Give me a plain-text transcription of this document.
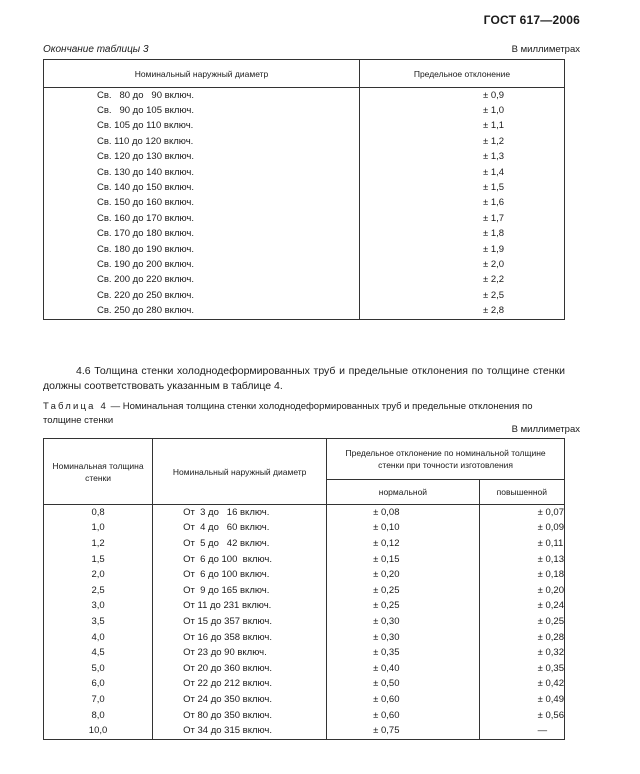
ГОСТ 617—2006
Окончание таблицы 3	В миллиметрах
Номинальный наружный диаметр	Предельное отклонение
Св.   80 до   90 включ.	± 0,9
Св.   90 до 105 включ.	± 1,0
Св. 105 до 110 включ.	± 1,1
Св. 110 до 120 включ.	± 1,2
Св. 120 до 130 включ.	± 1,3
Св. 130 до 140 включ.	± 1,4
Св. 140 до 150 включ.	± 1,5
Св. 150 до 160 включ.	± 1,6
Св. 160 до 170 включ.	± 1,7
Св. 170 до 180 включ.	± 1,8
Св. 180 до 190 включ.	± 1,9
Св. 190 до 200 включ.	± 2,0
Св. 200 до 220 включ.	± 2,2
Св. 220 до 250 включ.	± 2,5
Св. 250 до 280 включ.	± 2,8
4.6 Толщина стенки холоднодеформированных труб и предельные отклонения по толщине стенки должны соответствовать указанным в таблице 4.
Таблица 4 — Номинальная толщина стенки холоднодеформированных труб и предельные отклонения по толщине стенки
В миллиметрах
Номинальная толщина стенки	Номинальный наружный диаметр	Предельное отклонение по номинальной толщине стенки при точности изготовления	
		нормальной	повышенной
0,8	От  3 до   16 включ.	± 0,08	± 0,07
1,0	От  4 до   60 включ.	± 0,10	± 0,09
1,2	От  5 до   42 включ.	± 0,12	± 0,11
1,5	От  6 до 100  включ.	± 0,15	± 0,13
2,0	От  6 до 100 включ.	± 0,20	± 0,18
2,5	От  9 до 165 включ.	± 0,25	± 0,20
3,0	От 11 до 231 включ.	± 0,25	± 0,24
3,5	От 15 до 357 включ.	± 0,30	± 0,25
4,0	От 16 до 358 включ.	± 0,30	± 0,28
4,5	От 23 до 90 включ.	± 0,35	± 0,32
5,0	От 20 до 360 включ.	± 0,40	± 0,35
6,0	От 22 до 212 включ.	± 0,50	± 0,42
7,0	От 24 до 350 включ.	± 0,60	± 0,49
8,0	От 80 до 350 включ.	± 0,60	± 0,56
10,0	От 34 до 315 включ.	± 0,75	—
